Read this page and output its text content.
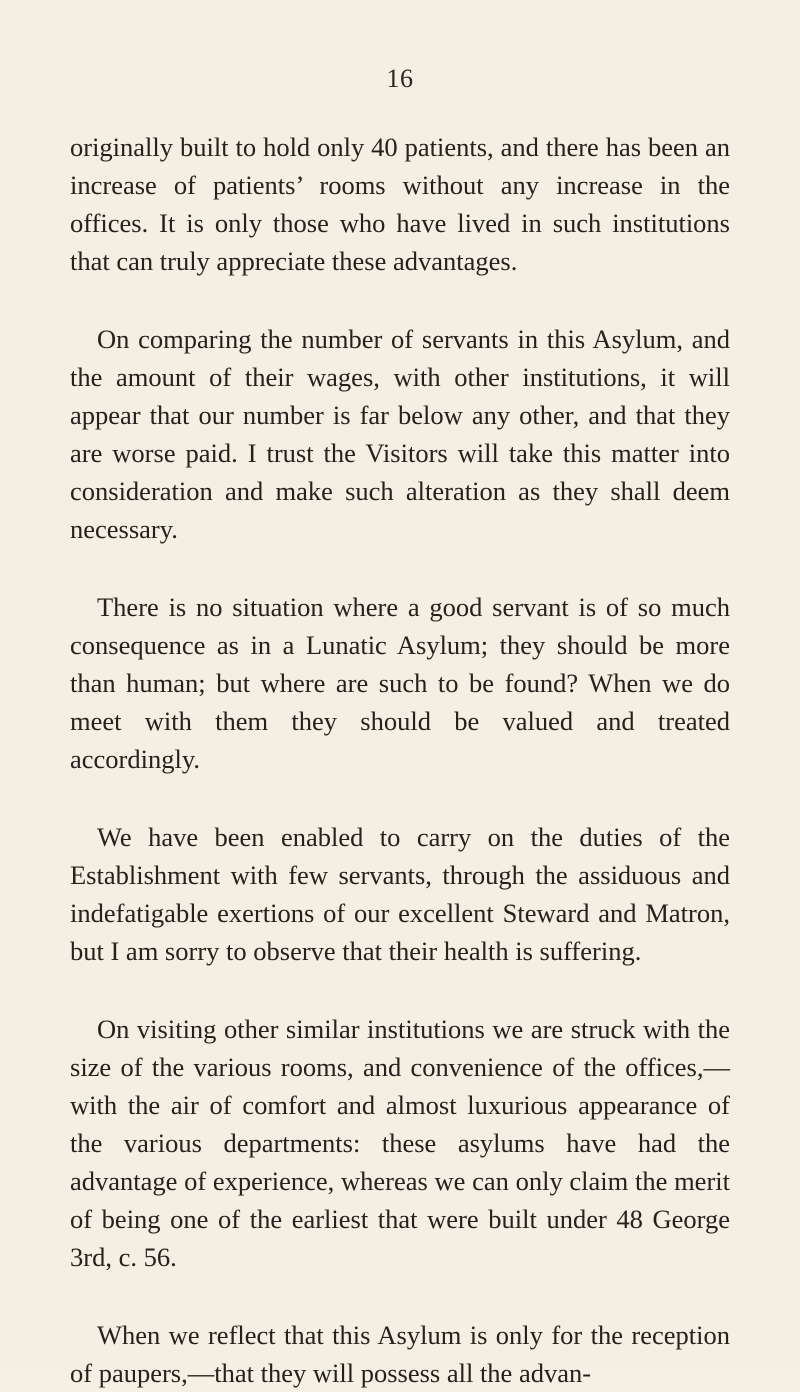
16

originally built to hold only 40 patients, and there has been an increase of patients’ rooms without any increase in the offices. It is only those who have lived in such institutions that can truly appreciate these advantages.

On comparing the number of servants in this Asylum, and the amount of their wages, with other institutions, it will appear that our number is far below any other, and that they are worse paid. I trust the Visitors will take this matter into consideration and make such alteration as they shall deem necessary.

There is no situation where a good servant is of so much consequence as in a Lunatic Asylum; they should be more than human; but where are such to be found? When we do meet with them they should be valued and treated accordingly.

We have been enabled to carry on the duties of the Establishment with few servants, through the assiduous and indefatigable exertions of our excellent Steward and Matron, but I am sorry to observe that their health is suffering.

On visiting other similar institutions we are struck with the size of the various rooms, and convenience of the offices,—with the air of comfort and almost luxurious appearance of the various departments: these asylums have had the advantage of experience, whereas we can only claim the merit of being one of the earliest that were built under 48 George 3rd, c. 56.

When we reflect that this Asylum is only for the reception of paupers,—that they will possess all the advan-
